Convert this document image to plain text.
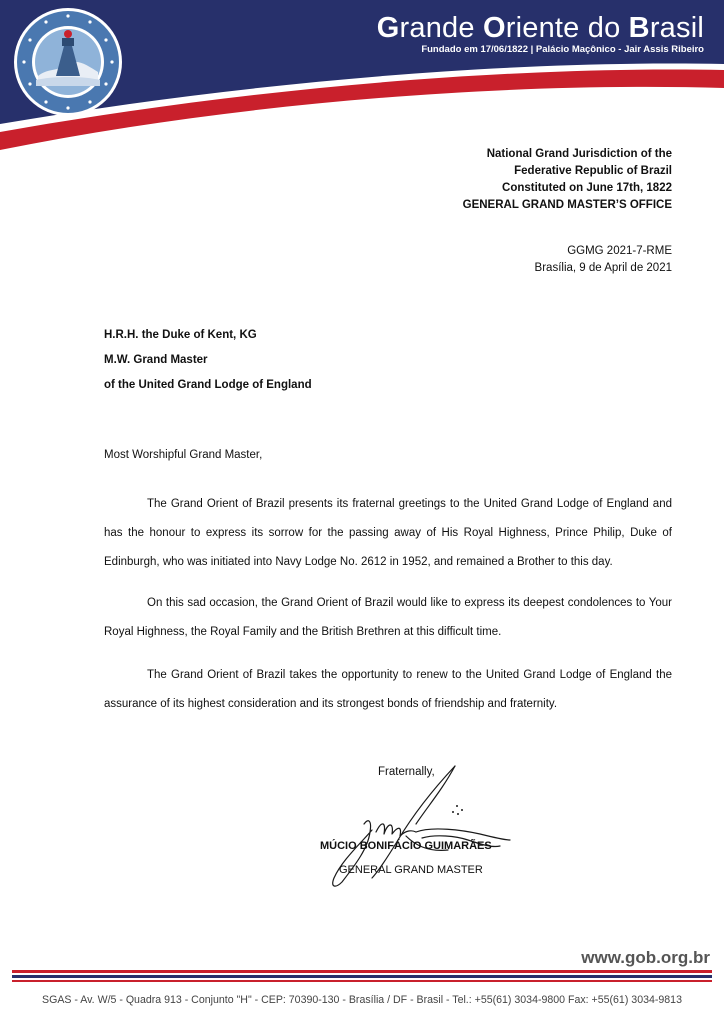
Grande Oriente do Brasil
Fundado em 17/06/1822 | Palácio Maçônico - Jair Assis Ribeiro
National Grand Jurisdiction of the
Federative Republic of Brazil
Constituted on June 17th, 1822
GENERAL GRAND MASTER’S OFFICE
GGMG 2021-7-RME
Brasília, 9 de April de 2021
H.R.H. the Duke of Kent, KG
M.W. Grand Master
of the United Grand Lodge of England
Most Worshipful Grand Master,

The Grand Orient of Brazil presents its fraternal greetings to the United Grand Lodge of England and has the honour to express its sorrow for the passing away of His Royal Highness, Prince Philip, Duke of Edinburgh, who was initiated into Navy Lodge No. 2612 in 1952, and remained a Brother to this day.

On this sad occasion, the Grand Orient of Brazil would like to express its deepest condolences to Your Royal Highness, the Royal Family and the British Brethren at this difficult time.

The Grand Orient of Brazil takes the opportunity to renew to the United Grand Lodge of England the assurance of its highest consideration and its strongest bonds of friendship and fraternity.

Fraternally,
MÚCIO BONIFÁCIO GUIMARÃES
GENERAL GRAND MASTER
www.gob.org.br
SGAS - Av. W/5 - Quadra 913 - Conjunto "H" - CEP: 70390-130 - Brasília / DF - Brasil - Tel.: +55(61) 3034-9800 Fax: +55(61) 3034-9813
